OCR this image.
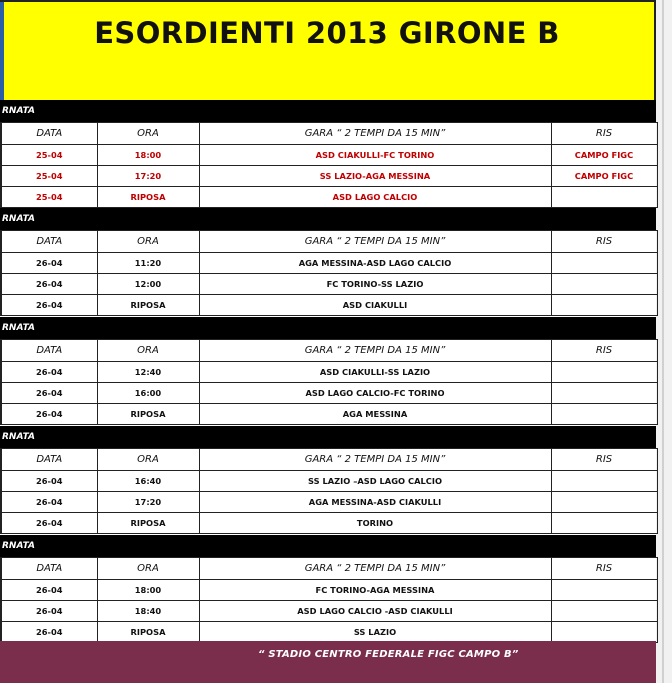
ESORDIENTI 2013 GIRONE B
RNATA
DATA	ORA	GARA “ 2 TEMPI DA 15 MIN”	RIS
25-04	18:00	ASD CIAKULLI-FC TORINO	CAMPO FIGC
25-04	17:20	SS LAZIO-AGA MESSINA	CAMPO FIGC
25-04	RIPOSA	ASD LAGO CALCIO	
RNATA
DATA	ORA	GARA “ 2 TEMPI DA 15 MIN”	RIS
26-04	11:20	AGA MESSINA-ASD LAGO CALCIO	
26-04	12:00	FC TORINO-SS LAZIO	
26-04	RIPOSA	ASD CIAKULLI	
RNATA
DATA	ORA	GARA “ 2 TEMPI DA 15 MIN”	RIS
26-04	12:40	ASD CIAKULLI-SS LAZIO	
26-04	16:00	ASD LAGO CALCIO-FC TORINO	
26-04	RIPOSA	AGA MESSINA	
RNATA
DATA	ORA	GARA “ 2 TEMPI DA 15 MIN”	RIS
26-04	16:40	SS LAZIO –ASD LAGO CALCIO	
26-04	17:20	AGA MESSINA-ASD CIAKULLI	
26-04	RIPOSA	TORINO	
RNATA
DATA	ORA	GARA “ 2 TEMPI DA 15 MIN”	RIS
26-04	18:00	FC TORINO-AGA MESSINA	
26-04	18:40	ASD LAGO CALCIO -ASD CIAKULLI	
26-04	RIPOSA	SS LAZIO	
“ STADIO CENTRO FEDERALE FIGC CAMPO B”
